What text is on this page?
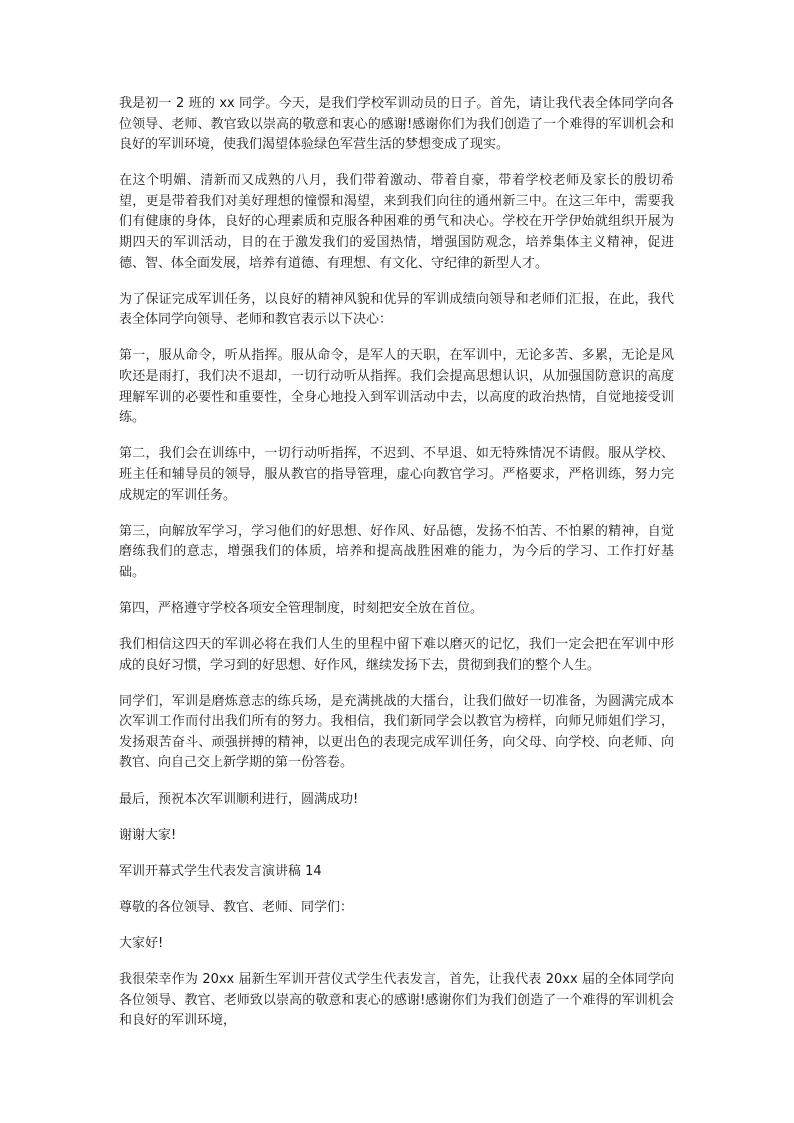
我是初一 2 班的 xx 同学。今天，是我们学校军训动员的日子。首先，请让我代表全体同学向各位领导、老师、教官致以崇高的敬意和衷心的感谢!感谢你们为我们创造了一个难得的军训机会和良好的军训环境，使我们渴望体验绿色军营生活的梦想变成了现实。

在这个明媚、清新而又成熟的八月，我们带着激动、带着自豪，带着学校老师及家长的殷切希望，更是带着我们对美好理想的憧憬和渴望，来到我们向往的通州新三中。在这三年中，需要我们有健康的身体，良好的心理素质和克服各种困难的勇气和决心。学校在开学伊始就组织开展为期四天的军训活动，目的在于激发我们的爱国热情，增强国防观念，培养集体主义精神，促进德、智、体全面发展，培养有道德、有理想、有文化、守纪律的新型人才。

为了保证完成军训任务，以良好的精神风貌和优异的军训成绩向领导和老师们汇报，在此，我代表全体同学向领导、老师和教官表示以下决心：

第一，服从命令，听从指挥。服从命令，是军人的天职，在军训中，无论多苦、多累，无论是风吹还是雨打，我们决不退却，一切行动听从指挥。我们会提高思想认识，从加强国防意识的高度理解军训的必要性和重要性，全身心地投入到军训活动中去，以高度的政治热情，自觉地接受训练。

第二，我们会在训练中，一切行动听指挥，不迟到、不早退、如无特殊情况不请假。服从学校、班主任和辅导员的领导，服从教官的指导管理，虚心向教官学习。严格要求，严格训练，努力完成规定的军训任务。

第三，向解放军学习，学习他们的好思想、好作风、好品德，发扬不怕苦、不怕累的精神，自觉磨练我们的意志，增强我们的体质，培养和提高战胜困难的能力，为今后的学习、工作打好基础。

第四，严格遵守学校各项安全管理制度，时刻把安全放在首位。

我们相信这四天的军训必将在我们人生的里程中留下难以磨灭的记忆，我们一定会把在军训中形成的良好习惯，学习到的好思想、好作风，继续发扬下去，贯彻到我们的整个人生。

同学们，军训是磨炼意志的练兵场，是充满挑战的大擂台，让我们做好一切准备，为圆满完成本次军训工作而付出我们所有的努力。我相信，我们新同学会以教官为榜样，向师兄师姐们学习，发扬艰苦奋斗、顽强拼搏的精神，以更出色的表现完成军训任务，向父母、向学校、向老师、向教官、向自己交上新学期的第一份答卷。

最后，预祝本次军训顺利进行，圆满成功!

谢谢大家!

军训开幕式学生代表发言演讲稿 14

尊敬的各位领导、教官、老师、同学们：

大家好!

我很荣幸作为 20xx 届新生军训开营仪式学生代表发言，首先，让我代表 20xx 届的全体同学向各位领导、教官、老师致以崇高的敬意和衷心的感谢!感谢你们为我们创造了一个难得的军训机会和良好的军训环境，
